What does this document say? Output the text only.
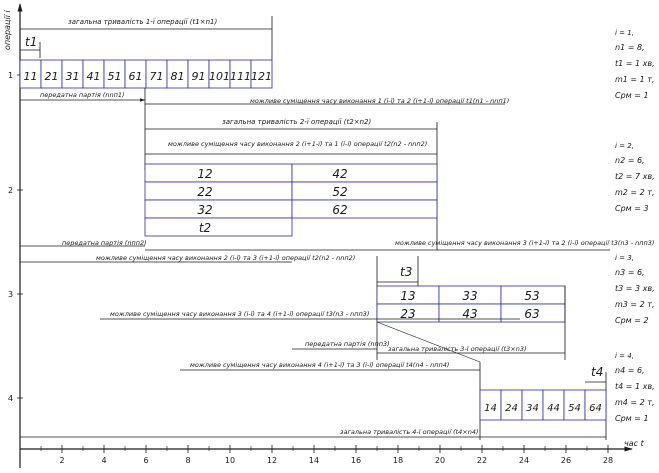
операції i
час t
2	4	6	8	10	12	14	16	18	20	22	24	26	28
1
2
3
4
загальна тривалість 1-ї операції (t1×n1)
t1
11 21 31 41 51 61 71 81 91 101 111 121
передатна партія (nnп1)
можливе суміщення часу виконання 1 (i-ї) та 2 (i+1-ї) операції t1(n1 - nnп1)
загальна тривалість 2-ї операції (t2×n2)
можливе суміщення часу виконання 2 (i+1-ї) та 1 (i-ї) операції t2(n2 - nnп2)
12	42
22	52
32	62
t2
передатна партія (nпп2)
можливе суміщення часу виконання 2 (i-ї) та 3 (i+1-ї) операції t2(n2 - nnп2)
можливе суміщення часу виконання 3 (i+1-ї) та 2 (i-ї) операції t3(n3 - nпп3)
t3
13	33	53
23	43	63
можливе суміщення часу виконання 3 (i-ї) та 4 (i+1-ї) операції t3(n3 - nпп3)
передатна партія (nпп3)
загальна тривалість 3-ї операції (t3×n3)
можливе суміщення часу виконання 4 (i+1-ї) та 3 (i-ї) операції t4(n4 - nпп4)	t4
14 24 34 44 54 64
загальна тривалість 4-ї операції (t4×n4)
i = 1,
n1 = 8,
t1 = 1 хв,
m1 = 1 т,
Cрм = 1
i = 2,
n2 = 6,
t2 = 7 хв,
m2 = 2 т,
Cрм = 3
i = 3,
n3 = 6,
t3 = 3 хв,
m3 = 2 т,
Cрм = 2
i = 4,
n4 = 6,
t4 = 1 хв,
m4 = 2 т,
Cрм = 1
